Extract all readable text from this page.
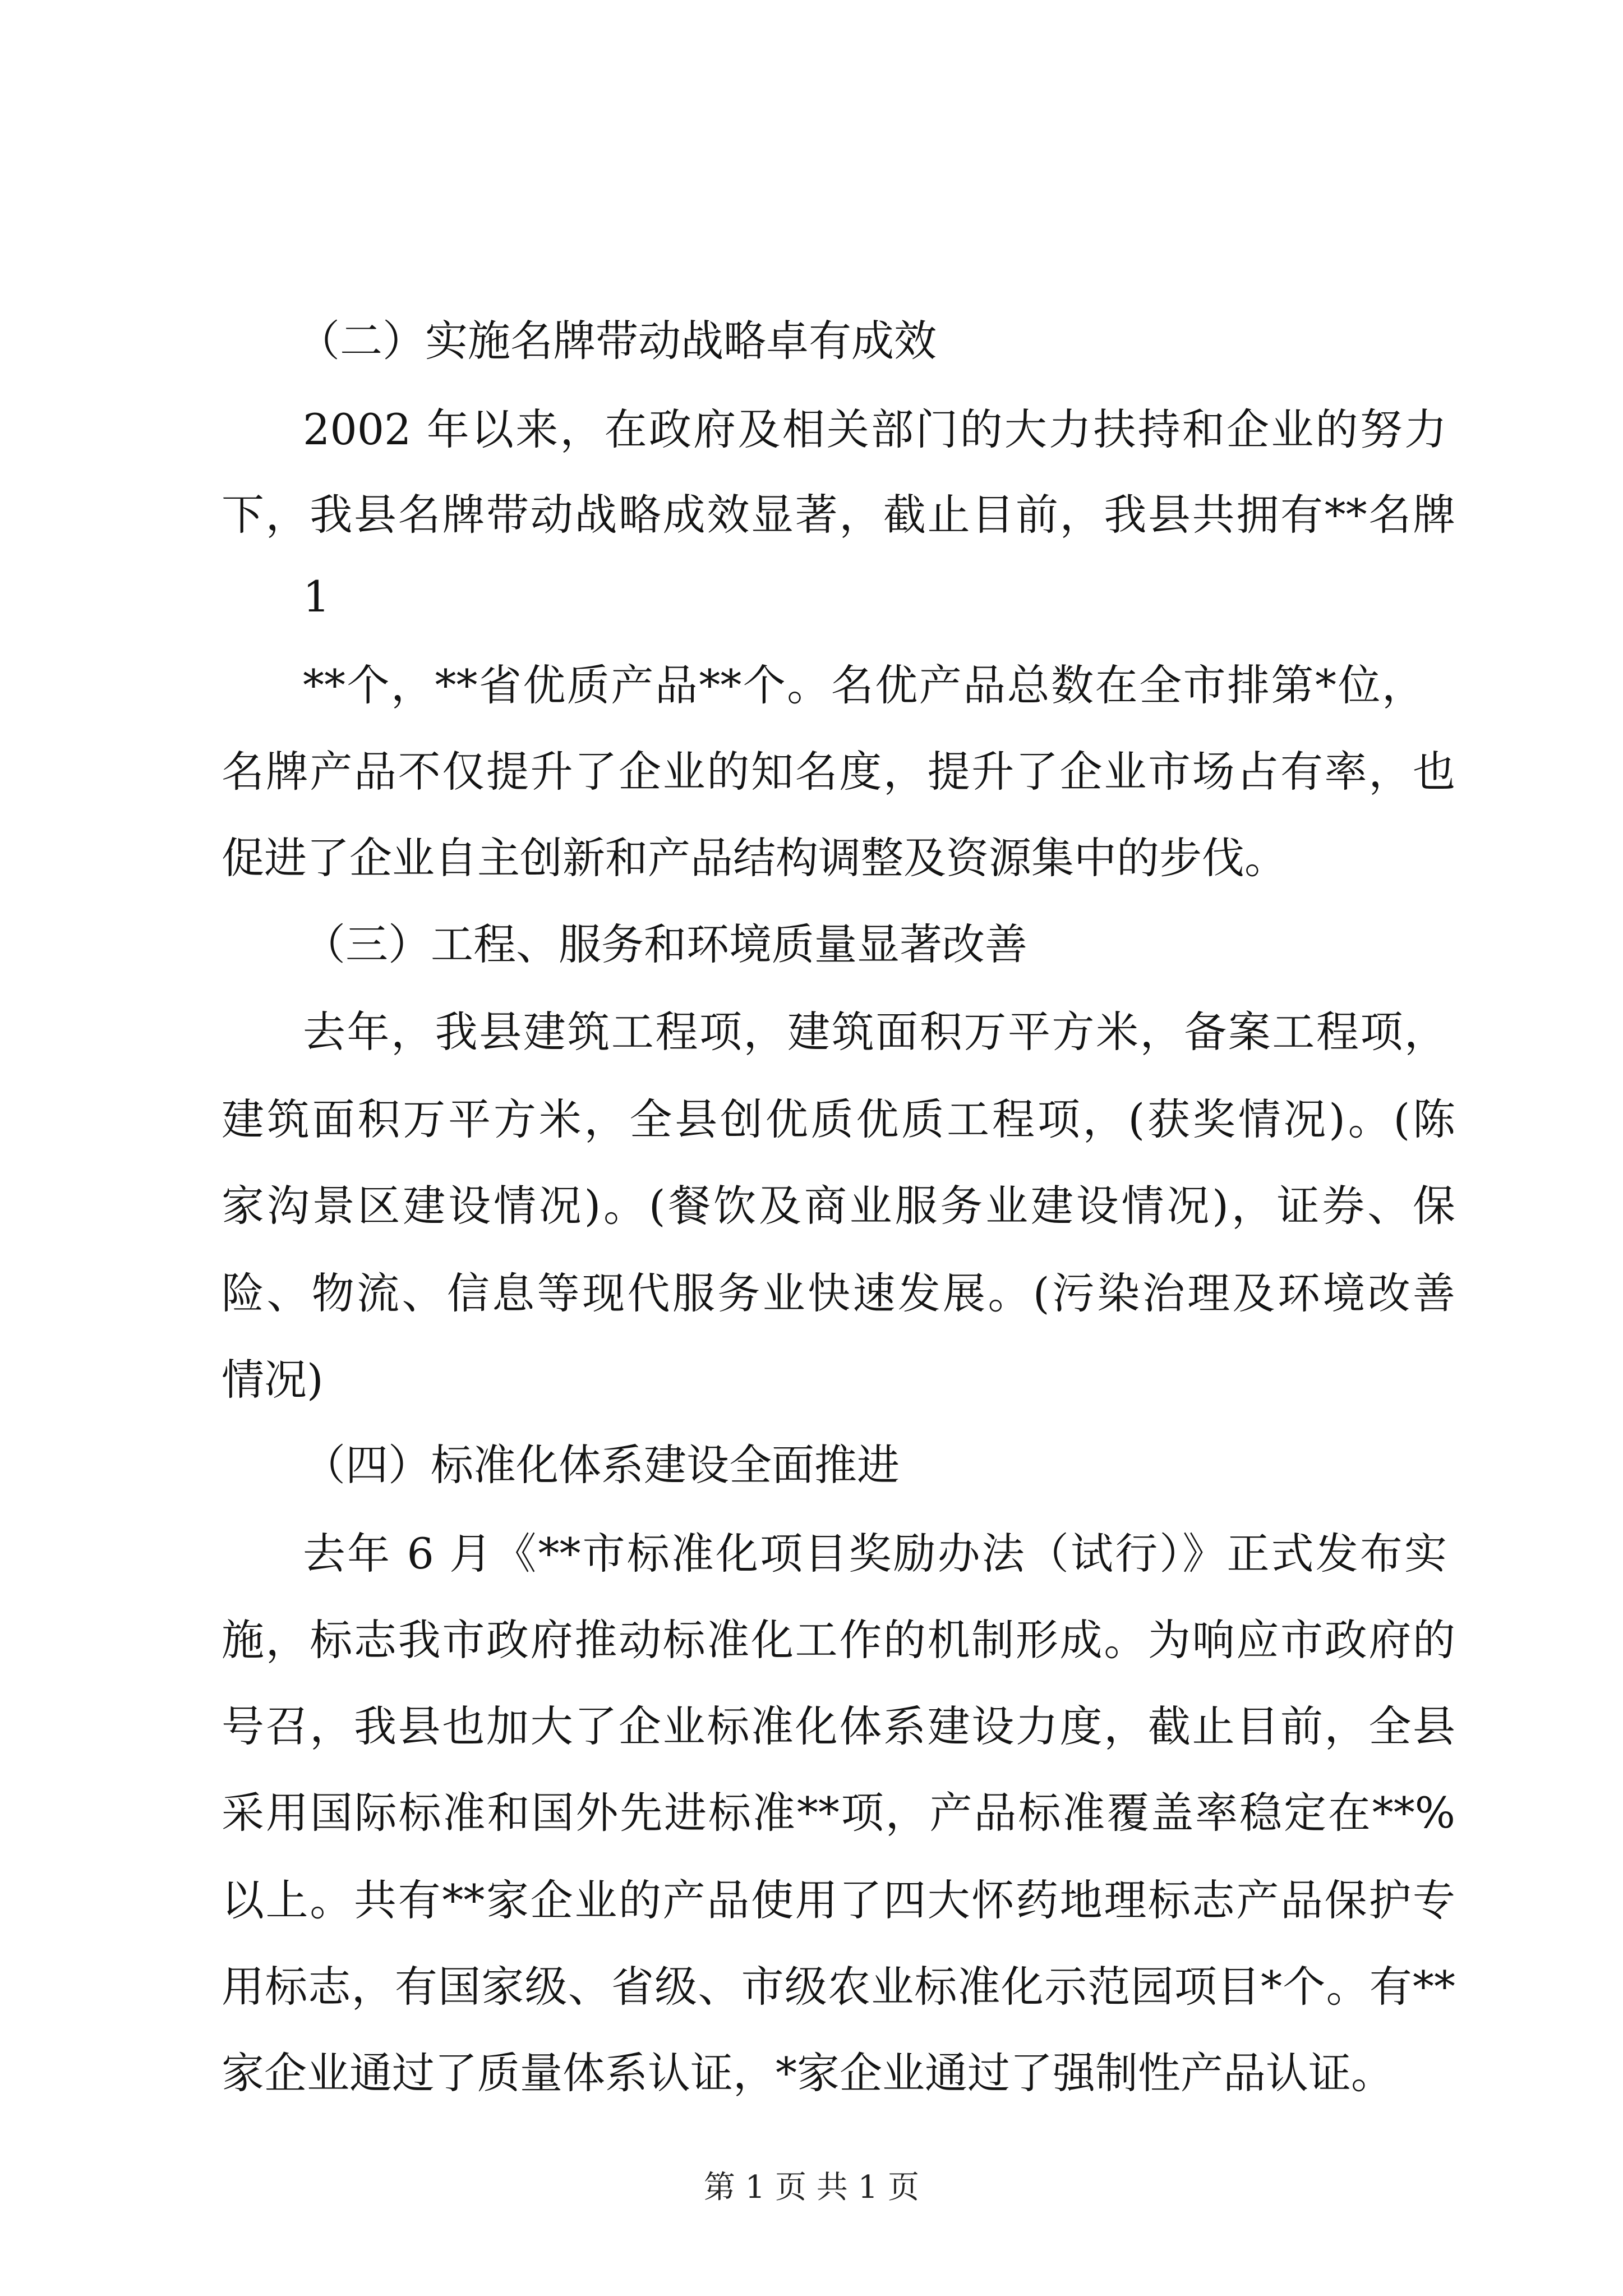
（二）实施名牌带动战略卓有成效
2002 年以来，在政府及相关部门的大力扶持和企业的努力
下，我县名牌带动战略成效显著，截止目前，我县共拥有**名牌
1
**个，**省优质产品**个。名优产品总数在全市排第*位，
名牌产品不仅提升了企业的知名度，提升了企业市场占有率，也
促进了企业自主创新和产品结构调整及资源集中的步伐。
（三）工程、服务和环境质量显著改善
去年，我县建筑工程项，建筑面积万平方米，备案工程项，
建筑面积万平方米，全县创优质优质工程项，(获奖情况)。(陈
家沟景区建设情况)。(餐饮及商业服务业建设情况)，证券、保
险、物流、信息等现代服务业快速发展。(污染治理及环境改善
情况)
（四）标准化体系建设全面推进
去年 6 月《**市标准化项目奖励办法（试行）》正式发布实
施，标志我市政府推动标准化工作的机制形成。为响应市政府的
号召，我县也加大了企业标准化体系建设力度，截止目前，全县
采用国际标准和国外先进标准**项，产品标准覆盖率稳定在**%
以上。共有**家企业的产品使用了四大怀药地理标志产品保护专
用标志，有国家级、省级、市级农业标准化示范园项目*个。有**
家企业通过了质量体系认证，*家企业通过了强制性产品认证。
第 1 页 共 1 页
